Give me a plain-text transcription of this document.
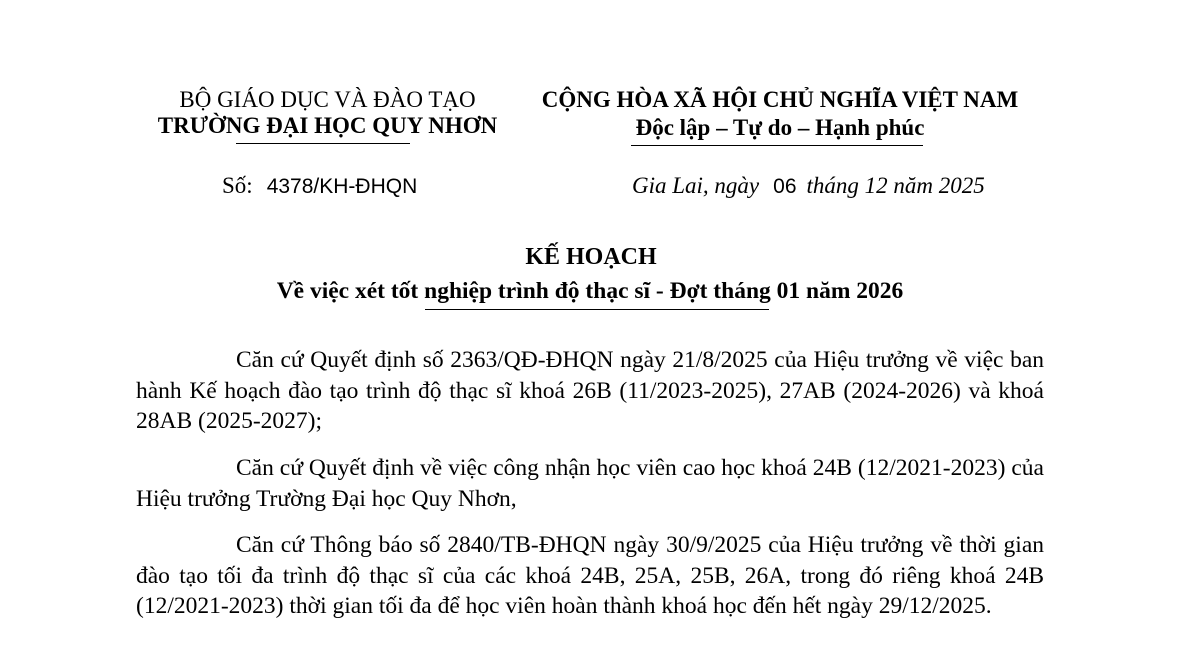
BỘ GIÁO DỤC VÀ ĐÀO TẠO
TRƯỜNG ĐẠI HỌC QUY NHƠN
CỘNG HÒA XÃ HỘI CHỦ NGHĨA VIỆT NAM
Độc lập – Tự do – Hạnh phúc
Số: 4378/KH-ĐHQN	Gia Lai, ngày 06 tháng 12 năm 2025
KẾ HOẠCH
Về việc xét tốt nghiệp trình độ thạc sĩ - Đợt tháng 01 năm 2026
Căn cứ Quyết định số 2363/QĐ-ĐHQN ngày 21/8/2025 của Hiệu trưởng về việc ban hành Kế hoạch đào tạo trình độ thạc sĩ khoá 26B (11/2023-2025), 27AB (2024-2026) và khoá 28AB (2025-2027);
Căn cứ Quyết định về việc công nhận học viên cao học khoá 24B (12/2021-2023) của Hiệu trưởng Trường Đại học Quy Nhơn,
Căn cứ Thông báo số 2840/TB-ĐHQN ngày 30/9/2025 của Hiệu trưởng về thời gian đào tạo tối đa trình độ thạc sĩ của các khoá 24B, 25A, 25B, 26A, trong đó riêng khoá 24B (12/2021-2023) thời gian tối đa để học viên hoàn thành khoá học đến hết ngày 29/12/2025.
